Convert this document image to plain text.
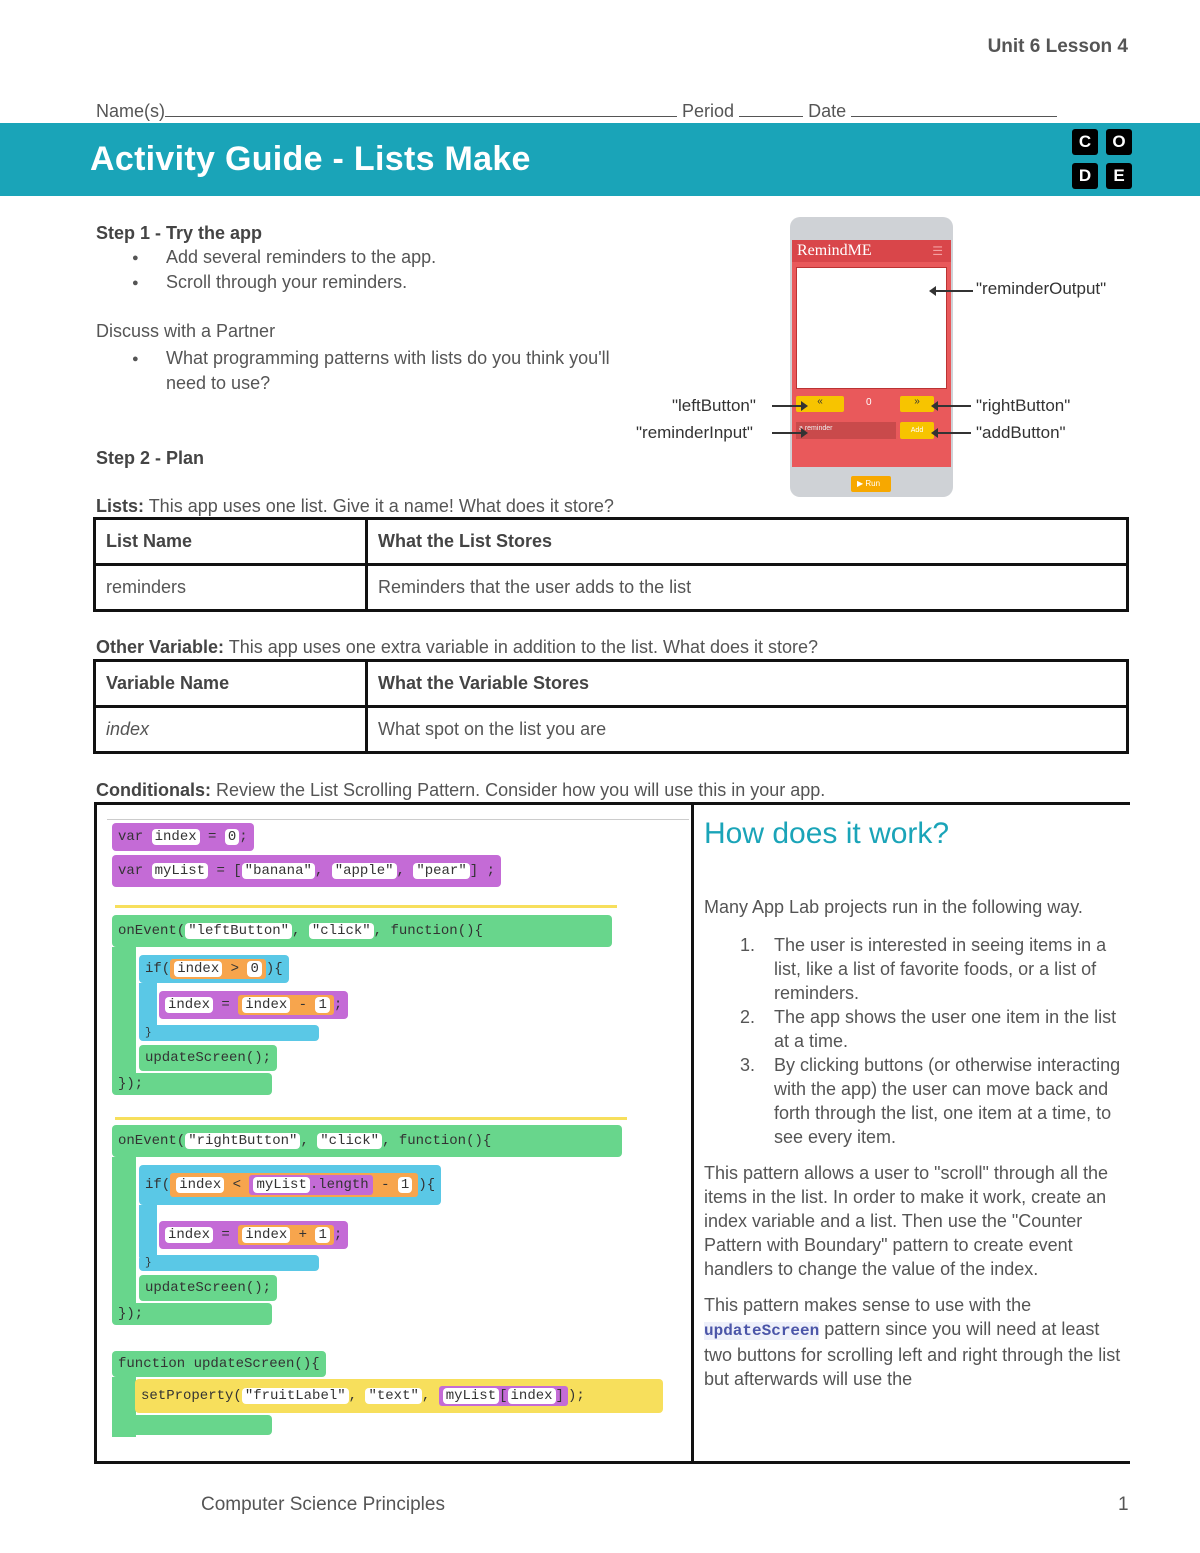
Unit 6 Lesson 4
Name(s)	Period	Date
Activity Guide - Lists Make	C	O
D	E
Step 1 - Try the app
● Add several reminders to the app.
● Scroll through your reminders.
Discuss with a Partner
● What programming patterns with lists do you think you'll need to use?
RemindME	☰
«	0	»
a reminder	Add
▶ Run
"reminderOutput"
"leftButton"
"reminderInput"
"rightButton"
"addButton"
Step 2 - Plan
Lists: This app uses one list. Give it a name! What does it store?
List Name	What the List Stores
reminders	Reminders that the user adds to the list
Other Variable: This app uses one extra variable in addition to the list. What does it store?
Variable Name	What the Variable Stores
index	What spot on the list you are
Conditionals: Review the List Scrolling Pattern. Consider how you will use this in your app.
var index = 0 ;
var myList = [ "banana" , "apple" , "pear" ] ;
onEvent( "leftButton" , "click" , function(){
if( index > 0 ){
index = index - 1 ;
}
updateScreen();
});
onEvent( "rightButton" , "click" , function(){
if( index < myList .length - 1 ){
index = index + 1 ;
}
updateScreen();
});
function updateScreen(){
setProperty( "fruitLabel" , "text" , myList [ index ] );
How does it work?
Many App Lab projects run in the following way.
1. The user is interested in seeing items in a list, like a list of favorite foods, or a list of reminders.
2. The app shows the user one item in the list at a time.
3. By clicking buttons (or otherwise interacting with the app) the user can move back and forth through the list, one item at a time, to see every item.
This pattern allows a user to "scroll" through all the items in the list. In order to make it work, create an index variable and a list. Then use the "Counter Pattern with Boundary" pattern to create event handlers to change the value of the index.
This pattern makes sense to use with the updateScreen pattern since you will need at least two buttons for scrolling left and right through the list but afterwards will use the
Computer Science Principles	1
